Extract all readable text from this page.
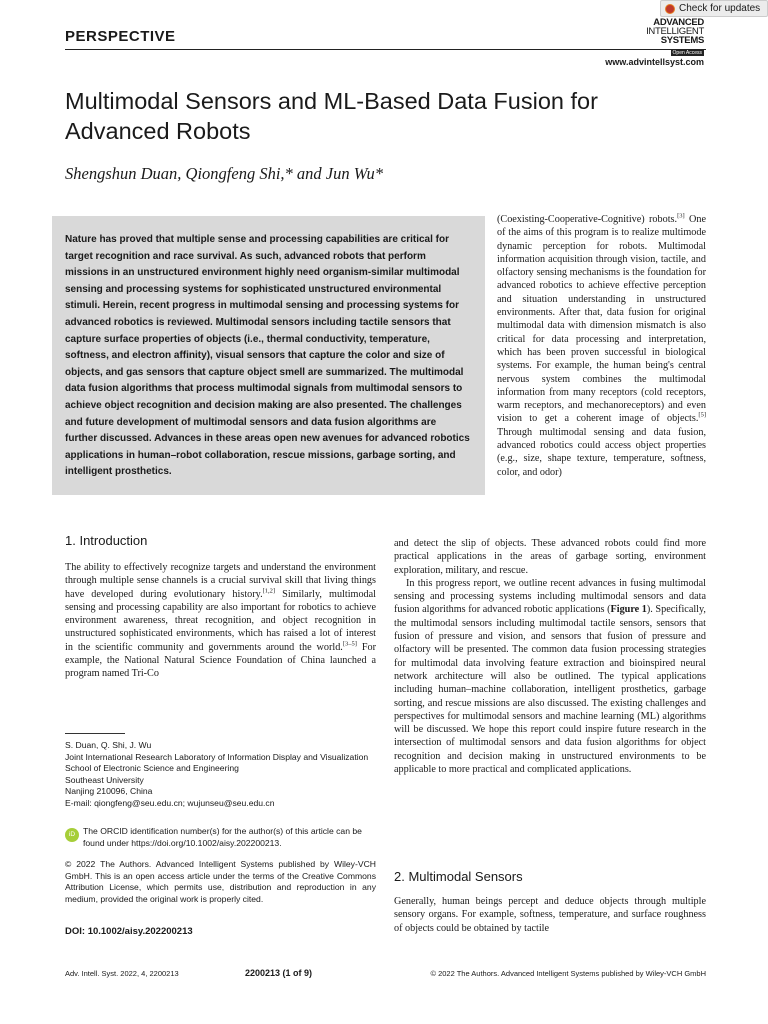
PERSPECTIVE
ADVANCED
INTELLIGENT
SYSTEMS
Open Access
Check for updates
www.advintellsyst.com
Multimodal Sensors and ML-Based Data Fusion for Advanced Robots
Shengshun Duan, Qiongfeng Shi,* and Jun Wu*

Nature has proved that multiple sense and processing capabilities are critical for target recognition and race survival. As such, advanced robots that perform missions in an unstructured environment highly need organism-similar multimodal sensing and processing systems for sophisticated unstructured environmental stimuli. Herein, recent progress in multimodal sensing and processing systems for advanced robotics is reviewed. Multimodal sensors including tactile sensors that capture surface properties of objects (i.e., thermal conductivity, temperature, softness, and electron affinity), visual sensors that capture the color and size of objects, and gas sensors that capture object smell are summarized. The multimodal data fusion algorithms that process multimodal signals from multimodal sensors to achieve object recognition and decision making are also presented. The challenges and future development of multimodal sensors and data fusion algorithms are further discussed. Advances in these areas open new avenues for advanced robotics applications in human–robot collaboration, rescue missions, garbage sorting, and intelligent prosthetics.

1. Introduction

The ability to effectively recognize targets and understand the environment through multiple sense channels is a crucial survival skill that living things have developed during evolutionary history.[1,2] Similarly, multimodal sensing and processing capability are also important for robotics to achieve environment awareness, threat recognition, and object recognition in unstructured sophisticated environments, which has raised a lot of interest in the scientific community and governments around the world.[3–5] For example, the National Natural Science Foundation of China launched a program named Tri-Co

S. Duan, Q. Shi, J. Wu
Joint International Research Laboratory of Information Display and Visualization
School of Electronic Science and Engineering
Southeast University
Nanjing 210096, China
E-mail: qiongfeng@seu.edu.cn; wujunseu@seu.edu.cn
iD The ORCID identification number(s) for the author(s) of this article can be found under https://doi.org/10.1002/aisy.202200213.
© 2022 The Authors. Advanced Intelligent Systems published by Wiley-VCH GmbH. This is an open access article under the terms of the Creative Commons Attribution License, which permits use, distribution and reproduction in any medium, provided the original work is properly cited.
DOI: 10.1002/aisy.202200213

(Coexisting-Cooperative-Cognitive) robots.[3] One of the aims of this program is to realize multimode dynamic perception for robots. Multimodal information acquisition through vision, tactile, and olfactory sensing mechanisms is the foundation for advanced robotics to achieve effective perception and situation understanding in unstructured environments. After that, data fusion for original multimodal data with dimension mismatch is also critical for data processing and interpretation, which has been proven successful in biological systems. For example, the human being's central nervous system combines the multimodal information from many receptors (cold receptors, warm receptors, and mechanoreceptors) and even vision to get a coherent image of objects.[5] Through multimodal sensing and data fusion, advanced robotics could access object properties (e.g., size, shape texture, temperature, softness, color, and odor)

and detect the slip of objects. These advanced robots could find more practical applications in the areas of garbage sorting, environment exploration, military, and rescue.

In this progress report, we outline recent advances in fusing multimodal sensing and processing systems including multimodal sensors and data fusion algorithms for advanced robotic applications (Figure 1). Specifically, the multimodal sensors including multimodal tactile sensors, sensors that fusion of pressure and vision, and sensors that fusion of pressure and olfactory will be presented. The common data fusion processing strategies for multimodal data involving feature extraction and bioinspired neural network architecture will also be outlined. The typical applications including human–machine collaboration, intelligent prosthetics, garbage sorting, and rescue missions are also discussed. The existing challenges and perspectives for multimodal sensors and machine learning (ML) algorithms will be discussed. We hope this report could inspire future research in the intersection of multimodal sensors and data fusion algorithms for object recognition and decision making in unstructured environments to be applicable to more practical and complicated applications.

2. Multimodal Sensors

Generally, human beings percept and deduce objects through multiple sensory organs. For example, softness, temperature, and surface roughness of objects could be obtained by tactile

Adv. Intell. Syst. 2022, 4, 2200213	2200213 (1 of 9)	© 2022 The Authors. Advanced Intelligent Systems published by Wiley-VCH GmbH
